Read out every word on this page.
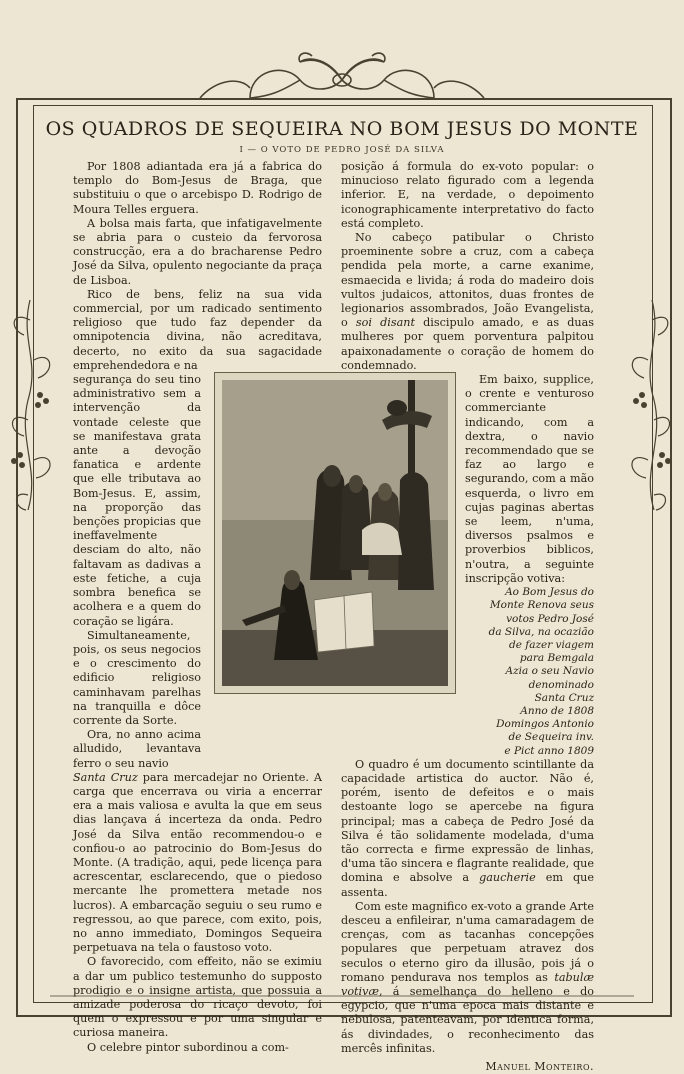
OS QUADROS DE SEQUEIRA NO BOM JESUS DO MONTE
I — O VOTO DE PEDRO JOSÉ DA SILVA

Por 1808 adiantada era já a fabrica do templo do Bom-Jesus de Braga, que substituiu o que o arcebispo D. Rodrigo de Moura Telles erguera.

A bolsa mais farta, que infatigavelmente se abria para o custeio da fervorosa construcção, era a do bracharense Pedro José da Silva, opulento negociante da praça de Lisboa.

Rico de bens, feliz na sua vida commercial, por um radicado sentimento religioso que tudo faz depender da omnipotencia divina, não acreditava, decerto, no exito da sua sagacidade emprehendedora e na

segurança do seu tino administrativo sem a intervenção da vontade celeste que se manifestava grata ante a devoção fanatica e ardente que elle tributava ao Bom-Jesus. E, assim, na proporção das benções propicias que ineffavelmente desciam do alto, não faltavam as dadivas a este fetiche, a cuja sombra benefica se acolhera e a quem do coração se ligára.

Simultaneamente, pois, os seus negocios e o crescimento do edificio religioso caminhavam parelhas na tranquilla e dôce corrente da Sorte.

Ora, no anno acima alludido, levantava ferro o seu navio

Santa Cruz para mercadejar no Oriente. A carga que encerrava ou viria a encerrar era a mais valiosa e avulta la que em seus dias lançava á incerteza da onda. Pedro José da Silva então recommendou-o e confiou-o ao patrocinio do Bom-Jesus do Monte. (A tradição, aqui, pede licença para acrescentar, esclarecendo, que o piedoso mercante lhe promettera metade nos lucros). A embarcação seguiu o seu rumo e regressou, ao que parece, com exito, pois, no anno immediato, Domingos Sequeira perpetuava na tela o faustoso voto.

O favorecido, com effeito, não se eximiu a dar um publico testemunho do supposto prodigio e o insigne artista, que possuia a amizade poderosa do ricaço devoto, foi quem o expressou e por uma singular e curiosa maneira.

O celebre pintor subordinou a com-

posição á formula do ex-voto popular: o minucioso relato figurado com a legenda inferior. E, na verdade, o depoimento iconographicamente interpretativo do facto está completo.

No cabeço patibular o Christo proeminente sobre a cruz, com a cabeça pendida pela morte, a carne exanime, esmaecida e livida; á roda do madeiro dois vultos judaicos, attonitos, duas frontes de legionarios assombrados, João Evangelista, o soi disant discipulo amado, e as duas mulheres por quem porventura palpitou apaixonadamente o coração de homem do condemnado.

Em baixo, supplice, o crente e venturoso commerciante indicando, com a dextra, o navio recommendado que se faz ao largo e segurando, com a mão esquerda, o livro em cujas paginas abertas se leem, n'uma, diversos psalmos e proverbios biblicos, n'outra, a seguinte inscripção votiva:

Ao Bom Jesus do
Monte Renova seus
votos Pedro José
da Silva, na ocazião
de fazer viagem
para Bemgala
Azia o seu Navio
denominado
Santa Cruz
Anno de 1808
Domingos Antonio
de Sequeira inv.
e Pict anno 1809

O quadro é um documento scintillante da capacidade artistica do auctor. Não é, porém, isento de defeitos e o mais destoante logo se apercebe na figura principal; mas a cabeça de Pedro José da Silva é tão solidamente modelada, d'uma tão correcta e firme expressão de linhas, d'uma tão sincera e flagrante realidade, que domina e absolve a gaucherie em que assenta.

Com este magnifico ex-voto a grande Arte desceu a enfileirar, n'uma camaradagem de crenças, com as tacanhas concepções populares que perpetuam atravez dos seculos o eterno giro da illusão, pois já o romano pendurava nos templos as tabulæ votivæ, á semelhança do helleno e do egypcio, que n'uma epoca mais distante e nebulosa, patenteavam, por identica forma, ás divindades, o reconhecimento das mercês infinitas.

Manuel Monteiro.
